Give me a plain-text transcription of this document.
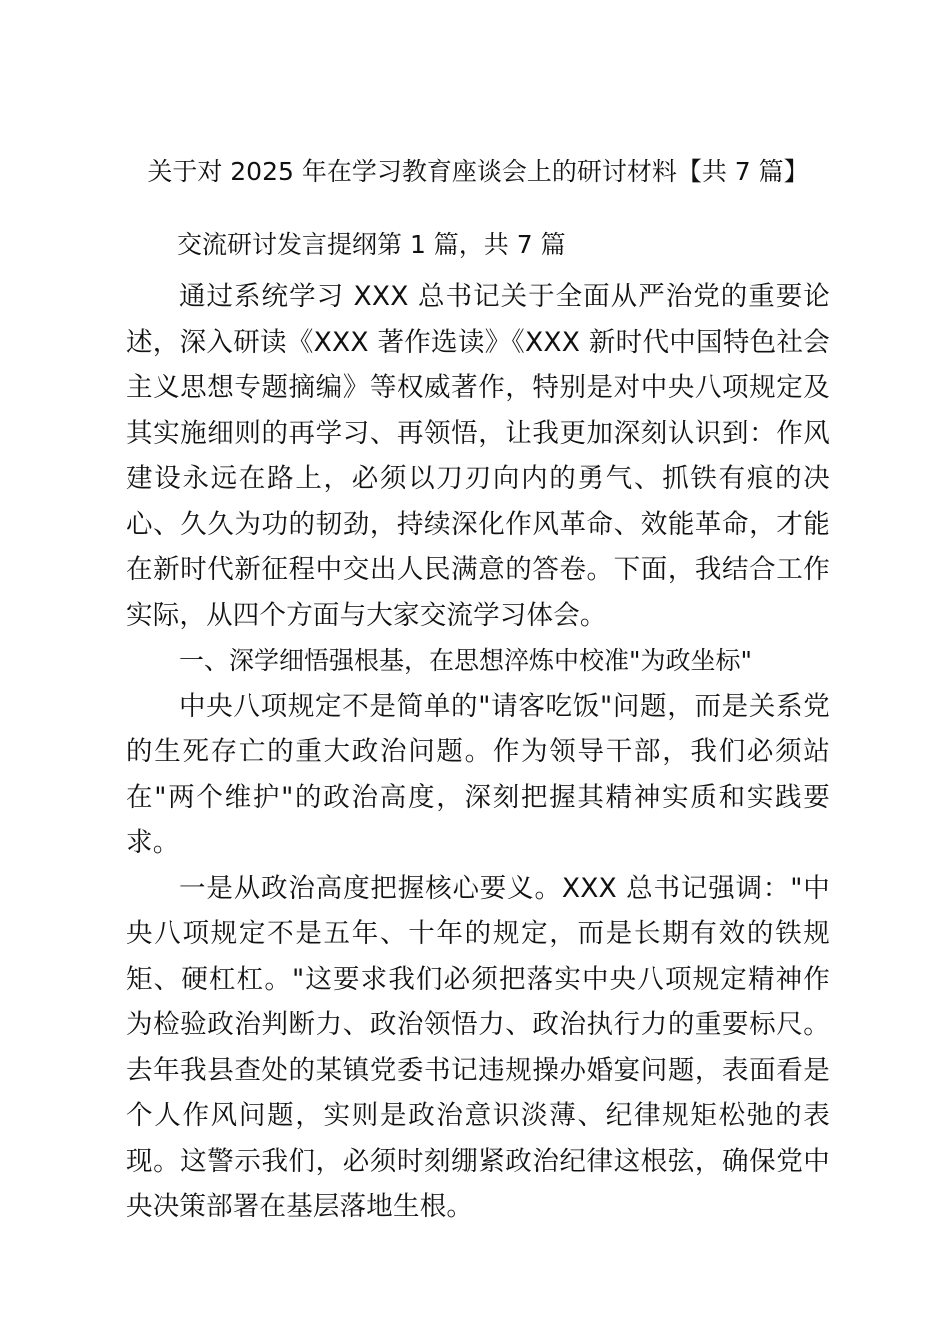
关于对 2025 年在学习教育座谈会上的研讨材料【共 7 篇】
交流研讨发言提纲第 1 篇，共 7 篇

通过系统学习 XXX 总书记关于全面从严治党的重要论述，深入研读《XXX 著作选读》《XXX 新时代中国特色社会主义思想专题摘编》等权威著作，特别是对中央八项规定及其实施细则的再学习、再领悟，让我更加深刻认识到：作风建设永远在路上，必须以刀刃向内的勇气、抓铁有痕的决心、久久为功的韧劲，持续深化作风革命、效能革命，才能在新时代新征程中交出人民满意的答卷。下面，我结合工作实际，从四个方面与大家交流学习体会。

一、深学细悟强根基，在思想淬炼中校准"为政坐标"

中央八项规定不是简单的"请客吃饭"问题，而是关系党的生死存亡的重大政治问题。作为领导干部，我们必须站在"两个维护"的政治高度，深刻把握其精神实质和实践要求。

一是从政治高度把握核心要义。XXX 总书记强调："中央八项规定不是五年、十年的规定，而是长期有效的铁规矩、硬杠杠。"这要求我们必须把落实中央八项规定精神作为检验政治判断力、政治领悟力、政治执行力的重要标尺。去年我县查处的某镇党委书记违规操办婚宴问题，表面看是个人作风问题，实则是政治意识淡薄、纪律规矩松弛的表现。这警示我们，必须时刻绷紧政治纪律这根弦，确保党中央决策部署在基层落地生根。
